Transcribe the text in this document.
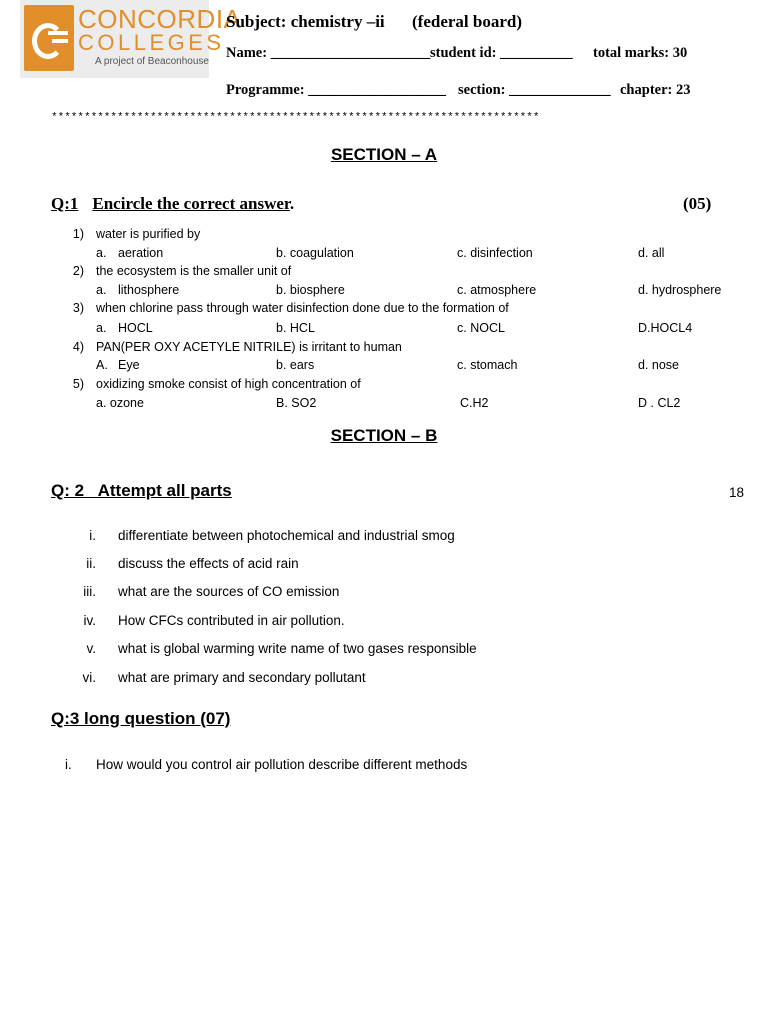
CONCORDIA
COLLEGES
A project of Beaconhouse
Subject: chemistry –ii (federal board)
Name: ______________________ student id: __________ total marks: 30
Programme: ___________________ section: ______________ chapter: 23
**************************************************************************
SECTION – A
Q:1 Encircle the correct answer.	(05)
1) water is purified by
a. aeration	b. coagulation	c. disinfection	d. all
2) the ecosystem is the smaller unit of
a. lithosphere	b. biosphere	c. atmosphere	d. hydrosphere
3) when chlorine pass through water disinfection done due to the formation of
a. HOCL	b. HCL	c. NOCL	D.HOCL4
4) PAN(PER OXY ACETYLE NITRILE) is irritant to human
A. Eye	b. ears	c. stomach	d. nose
5) oxidizing smoke consist of high concentration of
a. ozone	B. SO2	C.H2	D . CL2
SECTION – B
Q: 2   Attempt all parts	18
i. differentiate between photochemical and industrial smog
ii. discuss the effects of acid rain
iii. what are the sources of CO emission
iv. How CFCs contributed in air pollution.
v. what is global warming write name of two gases responsible
vi. what are primary and secondary pollutant
Q:3 long question (07)
i. How would you control air pollution describe different methods
